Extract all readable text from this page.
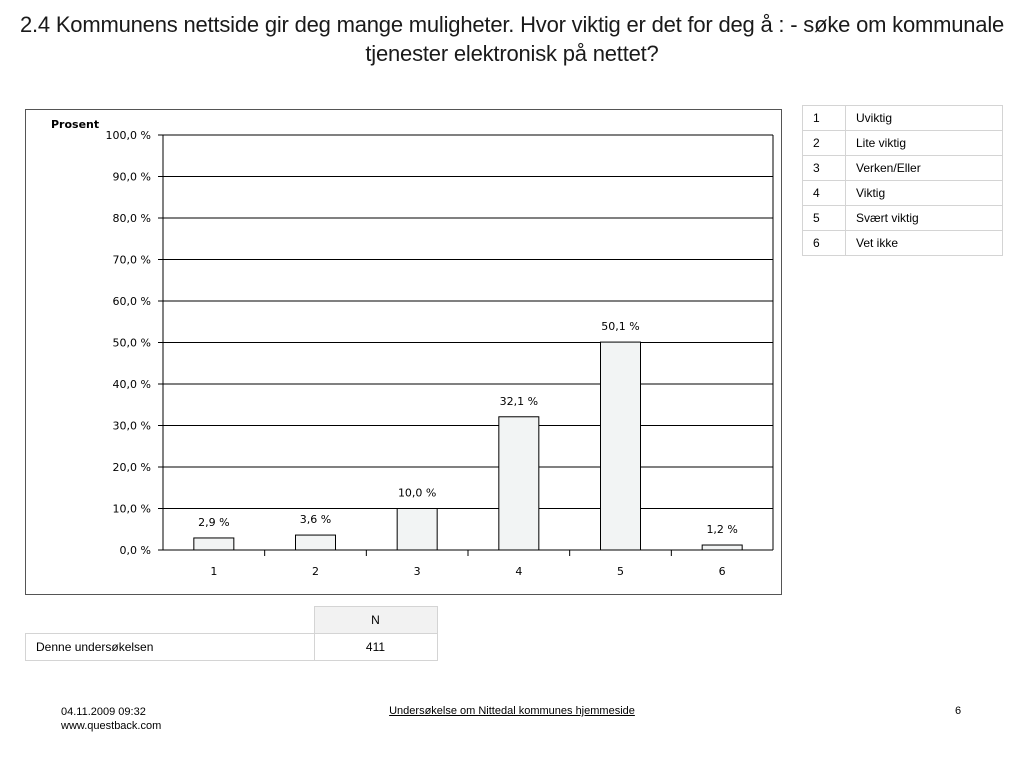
2.4 Kommunens nettside gir deg mange muligheter. Hvor viktig er det for deg å : - søke om kommunale tjenester elektronisk på nettet?
Prosent
0,0 %
10,0 %
20,0 %
30,0 %
40,0 %
50,0 %
60,0 %
70,0 %
80,0 %
90,0 %
100,0 %
1	2	3	4	5	6
2,9 %	3,6 %
10,0 %
32,1 %
50,1 %
1,2 %
1	Uviktig
2	Lite viktig
3	Verken/Eller
4	Viktig
5	Svært viktig
6	Vet ikke
	N
Denne undersøkelsen	411
04.11.2009 09:32
www.questback.com
Undersøkelse om Nittedal kommunes hjemmeside	6
